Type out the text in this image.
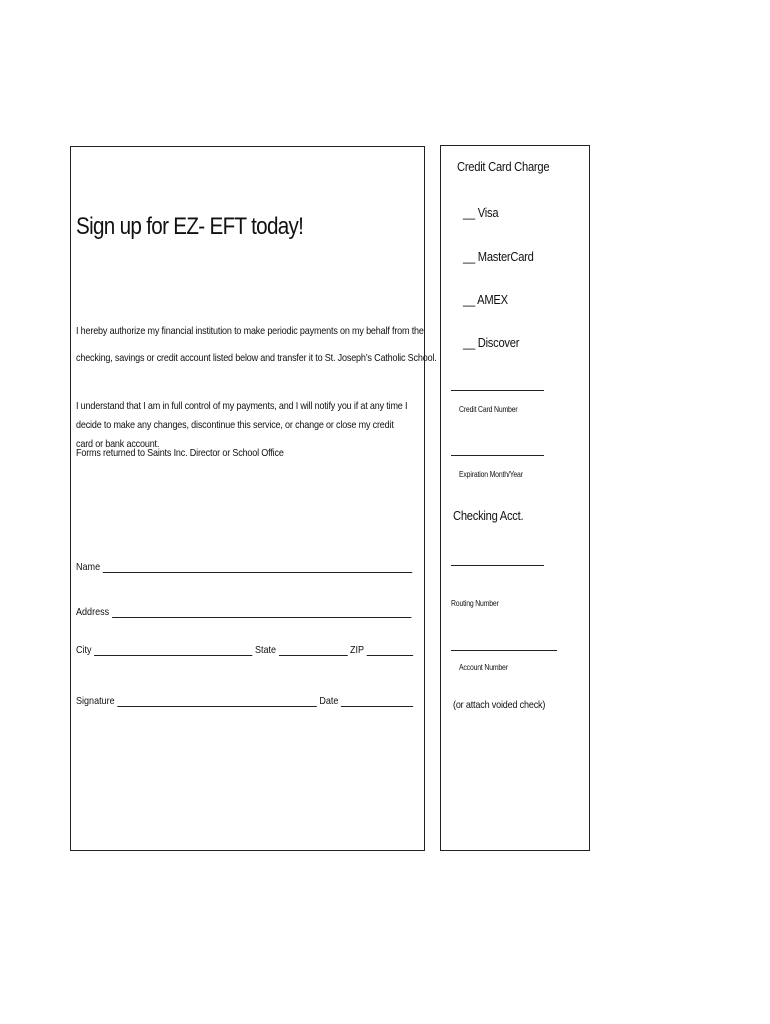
Sign up for EZ- EFT today!
I hereby authorize my financial institution to make periodic payments on my behalf from the
checking, savings or credit account listed below and transfer it to St. Joseph’s Catholic School.
I understand that I am in full control of my payments, and I will notify you if at any time I decide to make any changes, discontinue this service, or change or close my credit card or bank account.
Forms returned to Saints Inc. Director or School Office
Name
Address
City	State	ZIP
Signature	Date
Credit Card Charge
__ Visa
__ MasterCard
__ AMEX
__ Discover
Credit Card Number
Expiration Month/Year
Checking Acct.
Routing Number
Account Number
(or attach voided check)
